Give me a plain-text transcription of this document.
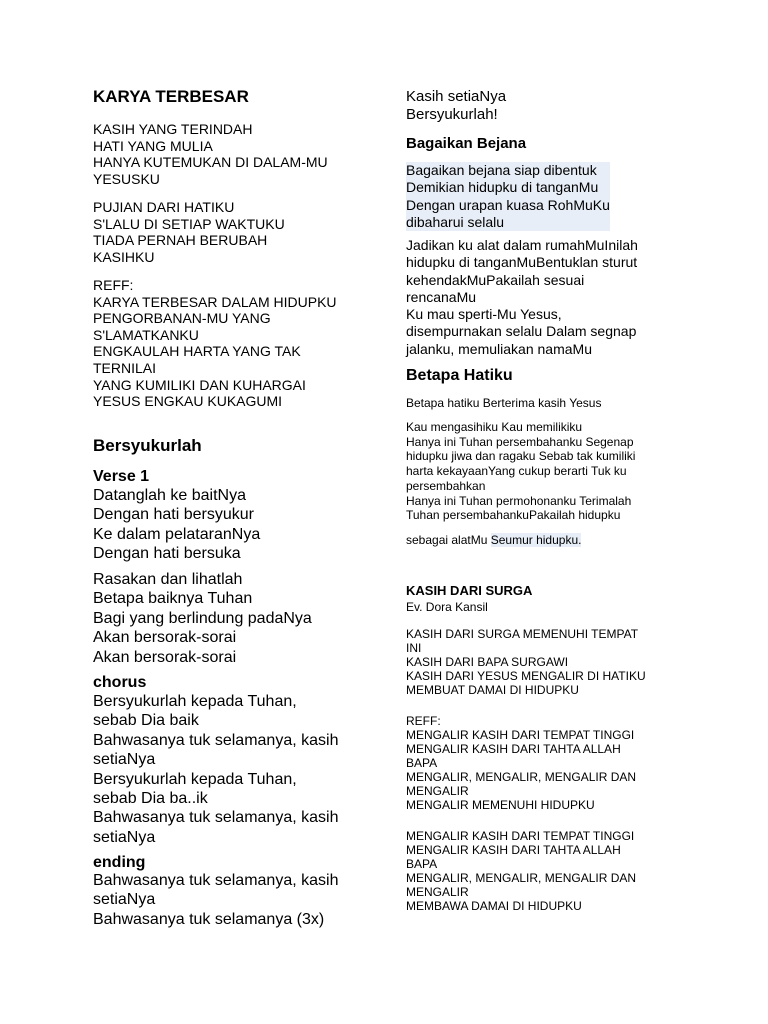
KARYA TERBESAR
KASIH YANG TERINDAH
HATI YANG MULIA
HANYA KUTEMUKAN DI DALAM-MU
YESUSKU
PUJIAN DARI HATIKU
S'LALU DI SETIAP WAKTUKU
TIADA PERNAH BERUBAH
KASIHKU
REFF:
KARYA TERBESAR DALAM HIDUPKU
PENGORBANAN-MU YANG
S'LAMATKANKU
ENGKAULAH HARTA YANG TAK
TERNILAI
YANG KUMILIKI DAN KUHARGAI
YESUS ENGKAU KUKAGUMI
Bersyukurlah
Verse 1
Datanglah ke baitNya
Dengan hati bersyukur
Ke dalam pelataranNya
Dengan hati bersuka
Rasakan dan lihatlah
Betapa baiknya Tuhan
Bagi yang berlindung padaNya
Akan bersorak-sorai
Akan bersorak-sorai
chorus
Bersyukurlah kepada Tuhan,
sebab Dia baik
Bahwasanya tuk selamanya, kasih
setiaNya
Bersyukurlah kepada Tuhan,
sebab Dia ba..ik
Bahwasanya tuk selamanya, kasih
setiaNya
ending
Bahwasanya tuk selamanya, kasih
setiaNya
Bahwasanya tuk selamanya (3x)
Kasih setiaNya
Bersyukurlah!
Bagaikan Bejana
Bagaikan bejana siap dibentuk
Demikian hidupku di tanganMu
Dengan urapan kuasa RohMuKu
dibaharui selalu
Jadikan ku alat dalam rumahMuInilah
hidupku di tanganMuBentuklan sturut
kehendakMuPakailah sesuai
rencanaMu
Ku mau sperti-Mu Yesus,
disempurnakan selalu Dalam segnap
jalanku, memuliakan namaMu
Betapa Hatiku
Betapa hatiku Berterima kasih Yesus
Kau mengasihiku Kau memilikiku
Hanya ini Tuhan persembahanku Segenap
hidupku jiwa dan ragaku Sebab tak kumiliki
harta kekayaanYang cukup berarti Tuk ku
persembahkan
Hanya ini Tuhan permohonanku Terimalah
Tuhan persembahankuPakailah hidupku
sebagai alatMu Seumur hidupku.
KASIH DARI SURGA
Ev. Dora Kansil
KASIH DARI SURGA MEMENUHI TEMPAT
INI
KASIH DARI BAPA SURGAWI
KASIH DARI YESUS MENGALIR DI HATIKU
MEMBUAT DAMAI DI HIDUPKU
REFF:
MENGALIR KASIH DARI TEMPAT TINGGI
MENGALIR KASIH DARI TAHTA ALLAH
BAPA
MENGALIR, MENGALIR, MENGALIR DAN
MENGALIR
MENGALIR MEMENUHI HIDUPKU
MENGALIR KASIH DARI TEMPAT TINGGI
MENGALIR KASIH DARI TAHTA ALLAH
BAPA
MENGALIR, MENGALIR, MENGALIR DAN
MENGALIR
MEMBAWA DAMAI DI HIDUPKU
